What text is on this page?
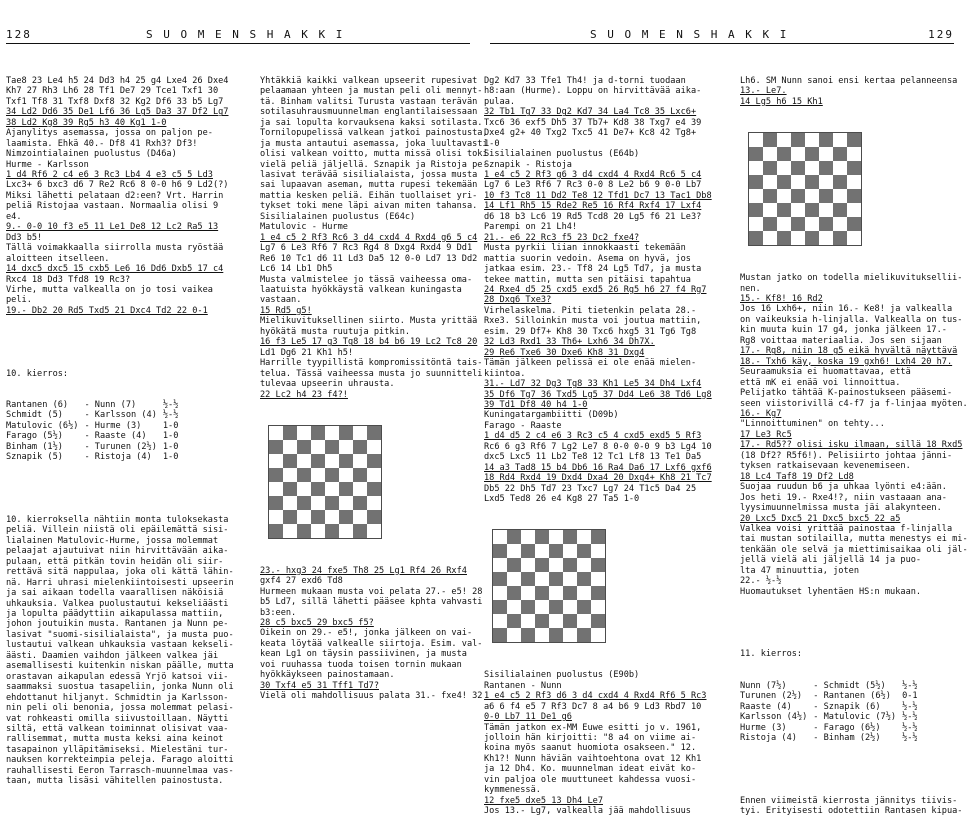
128	S U O M E N S H A K K I

Tae8 23 Le4 h5 24 Dd3 h4 25 g4 Lxe4 26 Dxe4
Kh7 27 Rh3 Lh6 28 Tf1 De7 29 Tce1 Txf1 30
Txf1 Tf8 31 Txf8 Dxf8 32 Kg2 Df6 33 b5 Lg7
34 Ld2 Dd6 35 De1 Lf6 36 Lg5 Da3 37 Df2 Lg7
38 Ld2 Kg8 39 Rg5 h3 40 Kg1 1-0
Ajanylitys asemassa, jossa on paljon pe-
laamista. Ehkä 40.- Df8 41 Rxh3? Df3!
Nimzointialainen puolustus (D46a)
Hurme - Karlsson
1 d4 Rf6 2 c4 e6 3 Rc3 Lb4 4 e3 c5 5 Ld3
Lxc3+ 6 bxc3 d6 7 Re2 Rc6 8 0-0 h6 9 Ld2(?)
Miksi lähetti pelataan d2:een? Vrt. Harrin
peliä Ristojaa vastaan. Normaalia olisi 9
e4.
9.- 0-0 10 f3 e5 11 Le1 De8 12 Lc2 Ra5 13
Dd3 b5!
Tällä voimakkaalla siirrolla musta ryöstää
aloitteen itselleen.
14 dxc5 dxc5 15 cxb5 Le6 16 Dd6 Dxb5 17 c4
Rxc4 18 Dd3 Tfd8 19 Rc3?
Virhe, mutta valkealla on jo tosi vaikea
peli.
19.- Db2 20 Rd5 Txd5 21 Dxc4 Td2 22 0-1

10. kierros:

Rantanen (6)	- Nunn (7)	½-½
Schmidt (5)	- Karlsson (4)	½-½
Matulovic (6½)	- Hurme (3)	1-0
Farago (5½)	- Raaste (4)	1-0
Binham (1½)	- Turunen (2½)	1-0
Sznapik (5)	- Ristoja (4)	1-0

10. kierroksella nähtiin monta tuloksekasta
peliä. Villein niistä oli epäilemättä sisi-
lialainen Matulovic-Hurme, jossa molemmat
pelaajat ajautuivat niin hirvittävään aika-
pulaan, että pitkän tovin heidän oli siir-
rettävä sitä nappulaa, joka oli kättä lähin-
nä. Harri uhrasi mielenkiintoisesti upseerin
ja sai aikaan todella vaarallisen näköisiä
uhkauksia. Valkea puolustautui kekseliäästi
ja lopulta päädyttiin aikapulassa mattiin,
johon joutuikin musta. Rantanen ja Nunn pe-
lasivat "suomi-sisilialaista", ja musta puo-
lustautui valkean uhkauksia vastaan kekseli-
äästi. Daamien vaihdon jälkeen valkea jäi
asemallisesti kuitenkin niskan päälle, mutta
orastavan aikapulan edessä Yrjö katsoi vii-
saammaksi suostua tasapeliin, jonka Nunn oli
ehdottanut hiljanyt. Schmidtin ja Karlsson-
nin peli oli benonia, jossa molemmat pelasi-
vat rohkeasti omilla siivustoillaan. Näytti
siltä, että valkean toiminnat olisivat vaa-
rallisemmat, mutta musta keksi aina keinot
tasapainon ylläpitämiseksi. Mielestäni tur-
nauksen korrekteimpia peleja. Farago aloitti
rauhallisesti Eeron Tarrasch-muunnelmaa vas-
taan, mutta lisäsi vähitellen painostusta.

Yhtäkkiä kaikki valkean upseerit rupesivat
pelaamaan yhteen ja mustan peli oli mennyt-
tä. Binham valitsi Turusta vastaan terävän
sotilasuhrausmuunnelman englantilaisessaan
ja sai lopulta korvauksena kaksi sotilasta.
Tornilopupelissä valkean jatkoi painostusta,
ja musta antautui asemassa, joka luultavasti
olisi valkean voitto, mutta missä olisi toki
vielä peliä jäljellä. Sznapik ja Ristoja pe-
lasivat terävää sisilialaista, jossa musta
sai lupaavan aseman, mutta rupesi tekemään
mattia kesken peliä. Eihän tuollaiset yri-
tykset toki mene läpi aivan miten tahansa.
Sisilialainen puolustus (E64c)
Matulovic - Hurme
1 e4 c5 2 Rf3 Rc6 3 d4 cxd4 4 Rxd4 g6 5 c4
Lg7 6 Le3 Rf6 7 Rc3 Rg4 8 Dxg4 Rxd4 9 Dd1
Re6 10 Tc1 d6 11 Ld3 Da5 12 0-0 Ld7 13 Dd2
Lc6 14 Lb1 Dh5
Musta valmistelee jo tässä vaiheessa oma-
laatuista hyökkäystä valkean kuningasta
vastaan.
15 Rd5 g5!
Mielikuvituksellinen siirto. Musta yrittää
hyökätä musta ruutuja pitkin.
16 f3 Le5 17 g3 Tg8 18 b4 b6 19 Lc2 Tc8 20
Ld1 Dg6 21 Kh1 h5!
Harrille tyypillistä kompromissitöntä tais-
telua. Tässä vaiheessa musta jo suunnitteli
tulevaa upseerin uhrausta.
22 Lc2 h4 23 f4?!

23.- hxg3 24 fxe5 Th8 25 Lg1 Rf4 26 Rxf4
gxf4 27 exd6 Td8
Hurmeen mukaan musta voi pelata 27.- e5! 28
b5 Ld7, sillä lähetti pääsee kphta vahvasti
b3:een.
28 c5 bxc5 29 bxc5 f5?
Oikein on 29.- e5!, jonka jälkeen on vai-
keata löytää valkealle siirtoja. Esim. val-
kean Lg1 on täysin passiivinen, ja musta
voi ruuhassa tuoda toisen tornin mukaan
hyökkäykseen painostamaan.
30 Txf4 e5 31 Tff1 Td7?
Vielä oli mahdollisuus palata 31.- fxe4! 32

S U O M E N S H A K K I	129

Dg2 Kd7 33 Tfe1 Th4! ja d-torni tuodaan
h8:aan (Hurme). Loppu on hirvittävää aika-
pulaa.
32 Tb1 Tg7 33 Dg2 Kd7 34 La4 Tc8 35 Lxc6+
Txc6 36 exf5 Dh5 37 Tb7+ Kd8 38 Txg7 e4 39
Dxe4 g2+ 40 Txg2 Txc5 41 De7+ Kc8 42 Tg8+
1-0
Sisilialainen puolustus (E64b)
Sznapik - Ristoja
1 e4 c5 2 Rf3 g6 3 d4 cxd4 4 Rxd4 Rc6 5 c4
Lg7 6 Le3 Rf6 7 Rc3 0-0 8 Le2 b6 9 0-0 Lb7
10 f3 Tc8 11 Dd2 Te8 12 Tfd1 Dc7 13 Tac1 Db8
14 Lf1 Rh5 15 Rde2 Re5 16 Rf4 Rxf4 17 Lxf4
d6 18 b3 Lc6 19 Rd5 Tcd8 20 Lg5 f6 21 Le3?
Parempi on 21 Lh4!
21.- e6 22 Rc3 f5 23 Dc2 fxe4?
Musta pyrkii liian innokkaasti tekemään
mattia suorin vedoin. Asema on hyvä, jos
jatkaa esim. 23.- Tf8 24 Lg5 Td7, ja musta
tekee mattin, mutta sen pitäisi tapahtua
24 Rxe4 d5 25 cxd5 exd5 26 Rg5 h6 27 f4 Rg7
28 Dxg6 Txe3?
Virhelaskelma. Piti tietenkin pelata 28.-
Rxe3. Silloinkin musta voi joutua mattiin,
esim. 29 Df7+ Kh8 30 Txc6 hxg5 31 Tg6 Tg8
32 Ld3 Rxd1 33 Th6+ Lxh6 34 Dh7X.
29 Re6 Txe6 30 Dxe6 Kh8 31 Dxg4
Tämän jälkeen pelissä ei ole enää mielen-
kiintoa.
31.- Ld7 32 Dg3 Tg8 33 Kh1 Le5 34 Dh4 Lxf4
35 Df6 Tg7 36 Txd5 Lg5 37 Dd4 Le6 38 Td6 Lg8
39 Td1 Df8 40 h4 1-0
Kuningatargambiitti (D09b)
Farago - Raaste
1 d4 d5 2 c4 e6 3 Rc3 c5 4 cxd5 exd5 5 Rf3
Rc6 6 g3 Rf6 7 Lg2 Le7 8 0-0 0-0 9 b3 Lg4 10
dxc5 Lxc5 11 Lb2 Te8 12 Tc1 Lf8 13 Te1 Da5
14 a3 Tad8 15 b4 Db6 16 Ra4 Da6 17 Lxf6 gxf6
18 Rd4 Rxd4 19 Dxd4 Dxa4 20 Dxg4+ Kh8 21 Tc7
Db5 22 Dh5 Td7 23 Txc7 Lg7 24 T1c5 Da4 25
Lxd5 Ted8 26 e4 Kg8 27 Ta5 1-0

Sisilialainen puolustus (E90b)
Rantanen - Nunn
1 e4 c5 2 Rf3 d6 3 d4 cxd4 4 Rxd4 Rf6 5 Rc3
a6 6 f4 e5 7 Rf3 Dc7 8 a4 b6 9 Ld3 Rbd7 10
0-0 Lb7 11 De1 g6
Tämän jatkon ex-MM Euwe esitti jo v. 1961,
jolloin hän kirjoitti: "8 a4 on viime ai-
koina myös saanut huomiota osakseen." 12.
Kh1?! Nunn häviän vaihtoehtona ovat 12 Kh1
ja 12 Dh4. Ko. muunnelman ideat eivät ko-
vin paljoa ole muuttuneet kahdessa vuosi-
kymmenessä.
12 fxe5 dxe5 13 Dh4 Le7
Jos 13.- Lg7, valkealla jää mahdollisuus

Lh6. SM Nunn sanoi ensi kertaa pelanneensa
13.- Le7.
14 Lg5 h6 15 Kh1

Mustan jatko on todella mielikuvituksellii-
nen.
15.- Kf8! 16 Rd2
Jos 16 Lxh6+, niin 16.- Ke8! ja valkealla
on vaikeuksia h-linjalla. Valkealla on tus-
kin muuta kuin 17 g4, jonka jälkeen 17.-
Rg8 voittaa materiaalia. Jos sen sijaan
17.- Rg8, niin 18 g5 eikä hyvältä näyttävä
18.- Txh6 käy, koska 19 gxh6! Lxh4 20 h7.
Seuraamuksia ei huomattavaa, että
että mK ei enää voi linnoittua.
Pelijatko tähtää K-painostukseen pääsemi-
seen viistorivillä c4-f7 ja f-linjaa myöten.
16.- Kg7
"Linnoittuminen" on tehty...
17 Le3 Rc5
17.- Rd5?? olisi isku ilmaan, sillä 18 Rxd5
(18 Df2? R5f6!). Pelisiirto johtaa jänni-
tyksen ratkaisevaan kevenemiseen.
18 Lc4 Taf8 19 Df2 Ld8
Suojaa ruudun b6 ja uhkaa lyönti e4:ään.
Jos heti 19.- Rxe4!?, niin vastaaan ana-
lyysimuunnelmissa musta jäi alakynteen.
20 Lxc5 Dxc5 21 Dxc5 bxc5 22 a5
Valkea voisi yrittää painostaa f-linjalla
tai mustan sotilailla, mutta menestys ei mi-
tenkään ole selvä ja miettimisaikaa oli jäl-
jellä vielä ali jäljellä 14 ja puo-
lta 47 minuuttia, joten
22.- ½-½
Huomautukset lyhentäen HS:n mukaan.

11. kierros:

Nunn (7½)	- Schmidt (5½)	½-½
Turunen (2½)	- Rantanen (6½)	0-1
Raaste (4)	- Sznapik (6)	½-½
Karlsson (4½)	- Matulovic (7½)	½-½
Hurme (3)	- Farago (6½)	½-½
Ristoja (4)	- Binham (2½)	½-½

Ennen viimeistä kierrosta jännitys tiivis-
tyi. Erityisesti odotettiin Rantasen kipua-
